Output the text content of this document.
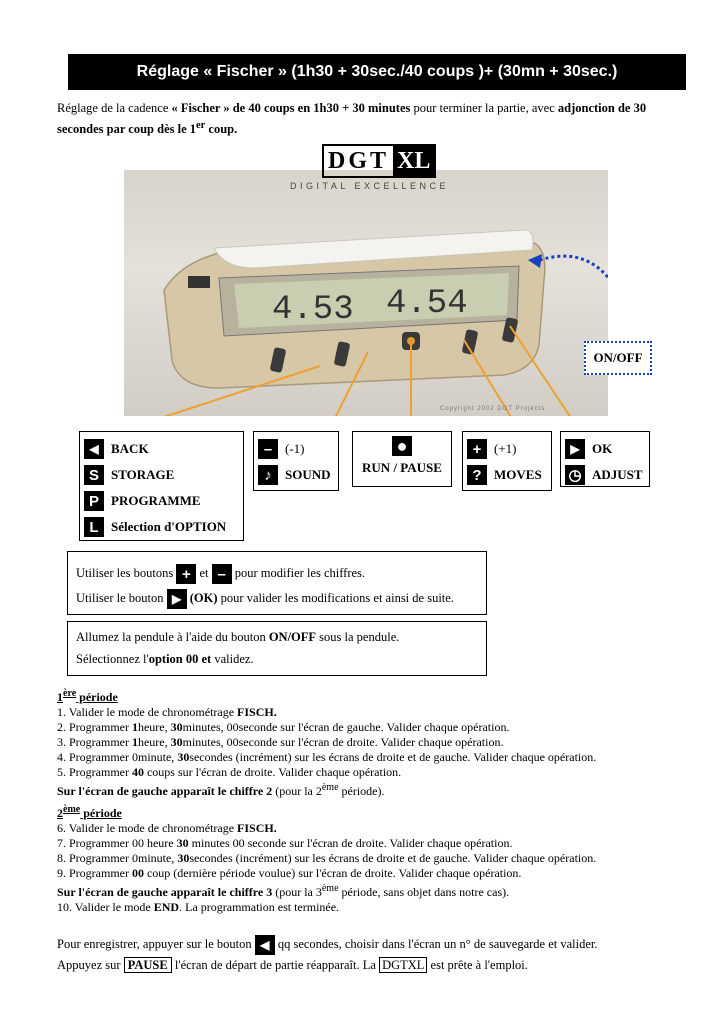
Réglage « Fischer » (1h30 + 30sec./40 coups )+ (30mn + 30sec.)
Réglage de la cadence « Fischer » de 40 coups en 1h30 + 30 minutes pour terminer la partie, avec adjonction de 30 secondes par coup dès le 1er coup.
DGT XL
DIGITAL EXCELLENCE
4.53 4.54
Copyright 2002 DGT Projects
ON/OFF
◀ BACK
S STORAGE
P PROGRAMME
L Sélection d'OPTION
– (-1)
♪	SOUND
●
RUN / PAUSE
+ (+1)
? MOVES
▶ OK
◷ ADJUST
Utiliser les boutons + et – pour modifier les chiffres.
Utiliser le bouton ▶ (OK) pour valider les modifications et ainsi de suite.
Allumez la pendule à l'aide du bouton ON/OFF sous la pendule.
Sélectionnez l'option 00 et validez.

1ère période

1. Valider le mode de chronométrage FISCH.

2. Programmer 1heure, 30minutes, 00seconde sur l'écran de gauche. Valider chaque opération.

3. Programmer 1heure, 30minutes, 00seconde sur l'écran de droite. Valider chaque opération.

4. Programmer 0minute, 30secondes (incrément) sur les écrans de droite et de gauche. Valider chaque opération.

5. Programmer 40 coups sur l'écran de droite. Valider chaque opération.

Sur l'écran de gauche apparaît le chiffre 2 (pour la 2ème période).

2ème période

6. Valider le mode de chronométrage FISCH.

7. Programmer 00 heure 30 minutes 00 seconde sur l'écran de droite. Valider chaque opération.

8. Programmer 0minute, 30secondes (incrément) sur les écrans de droite et de gauche. Valider chaque opération.

9. Programmer 00 coup (dernière période voulue) sur l'écran de droite. Valider chaque opération.

Sur l'écran de gauche apparaît le chiffre 3 (pour la 3ème période, sans objet dans notre cas).

10. Valider le mode END. La programmation est terminée.

Pour enregistrer, appuyer sur le bouton ◀ qq secondes, choisir dans l'écran un n° de sauvegarde et valider.
Appuyez sur PAUSE l'écran de départ de partie réapparaît. La DGTXL est prête à l'emploi.
